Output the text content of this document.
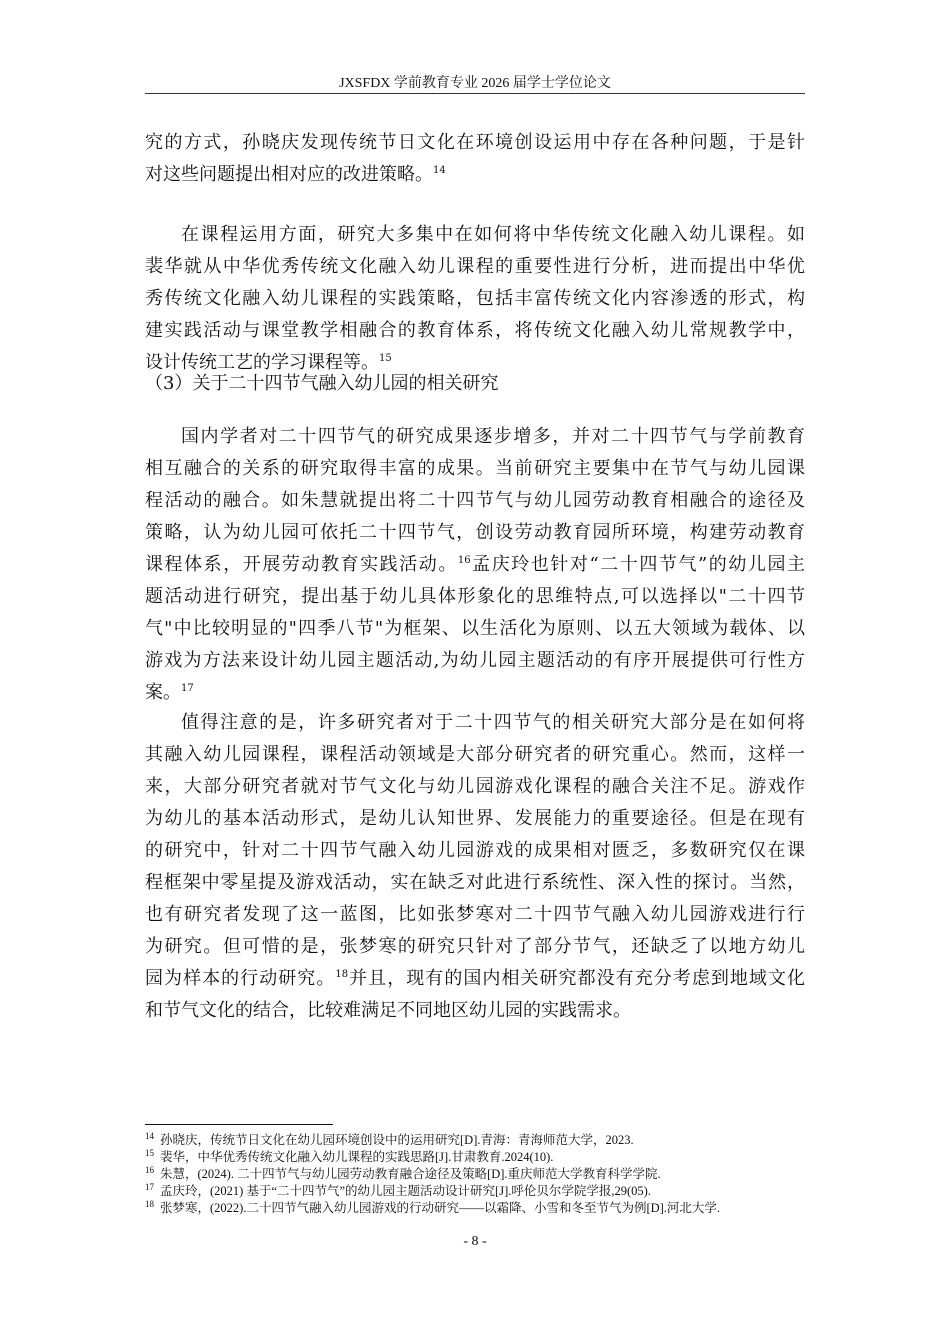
JXSFDX 学前教育专业 2026 届学士学位论文
究的方式，孙晓庆发现传统节日文化在环境创设运用中存在各种问题，于是针
对这些问题提出相对应的改进策略。$^{14}$
在课程运用方面，研究大多集中在如何将中华传统文化融入幼儿课程。如
裴华就从中华优秀传统文化融入幼儿课程的重要性进行分析，进而提出中华优
秀传统文化融入幼儿课程的实践策略，包括丰富传统文化内容渗透的形式，构
建实践活动与课堂教学相融合的教育体系，将传统文化融入幼儿常规教学中，
设计传统工艺的学习课程等。$^{15}$
（3）关于二十四节气融入幼儿园的相关研究
国内学者对二十四节气的研究成果逐步增多，并对二十四节气与学前教育
相互融合的关系的研究取得丰富的成果。当前研究主要集中在节气与幼儿园课
程活动的融合。如朱慧就提出将二十四节气与幼儿园劳动教育相融合的途径及
策略，认为幼儿园可依托二十四节气，创设劳动教育园所环境，构建劳动教育
课程体系，开展劳动教育实践活动。$^{16}$孟庆玲也针对“二十四节气”的幼儿园主
题活动进行研究，提出基于幼儿具体形象化的思维特点,可以选择以"二十四节
气"中比较明显的"四季八节"为框架、以生活化为原则、以五大领域为载体、以
游戏为方法来设计幼儿园主题活动,为幼儿园主题活动的有序开展提供可行性方
案。$^{17}$
值得注意的是，许多研究者对于二十四节气的相关研究大部分是在如何将
其融入幼儿园课程，课程活动领域是大部分研究者的研究重心。然而，这样一
来，大部分研究者就对节气文化与幼儿园游戏化课程的融合关注不足。游戏作
为幼儿的基本活动形式，是幼儿认知世界、发展能力的重要途径。但是在现有
的研究中，针对二十四节气融入幼儿园游戏的成果相对匮乏，多数研究仅在课
程框架中零星提及游戏活动，实在缺乏对此进行系统性、深入性的探讨。当然，
也有研究者发现了这一蓝图，比如张梦寒对二十四节气融入幼儿园游戏进行行
为研究。但可惜的是，张梦寒的研究只针对了部分节气，还缺乏了以地方幼儿
园为样本的行动研究。$^{18}$并且，现有的国内相关研究都没有充分考虑到地域文化
和节气文化的结合，比较难满足不同地区幼儿园的实践需求。
$^{14}$ 孙晓庆，传统节日文化在幼儿园环境创设中的运用研究[D].青海：青海师范大学，2023.
$^{15}$ 裴华，中华优秀传统文化融入幼儿课程的实践思路[J].甘肃教育.2024(10).
$^{16}$ 朱慧，(2024). 二十四节气与幼儿园劳动教育融合途径及策略[D].重庆师范大学教育科学学院.
$^{17}$ 孟庆玲，(2021) 基于“二十四节气”的幼儿园主题活动设计研究[J].呼伦贝尔学院学报,29(05).
$^{18}$ 张梦寒，(2022).二十四节气融入幼儿园游戏的行动研究——以霜降、小雪和冬至节气为例[D].河北大学.
- 8 -
